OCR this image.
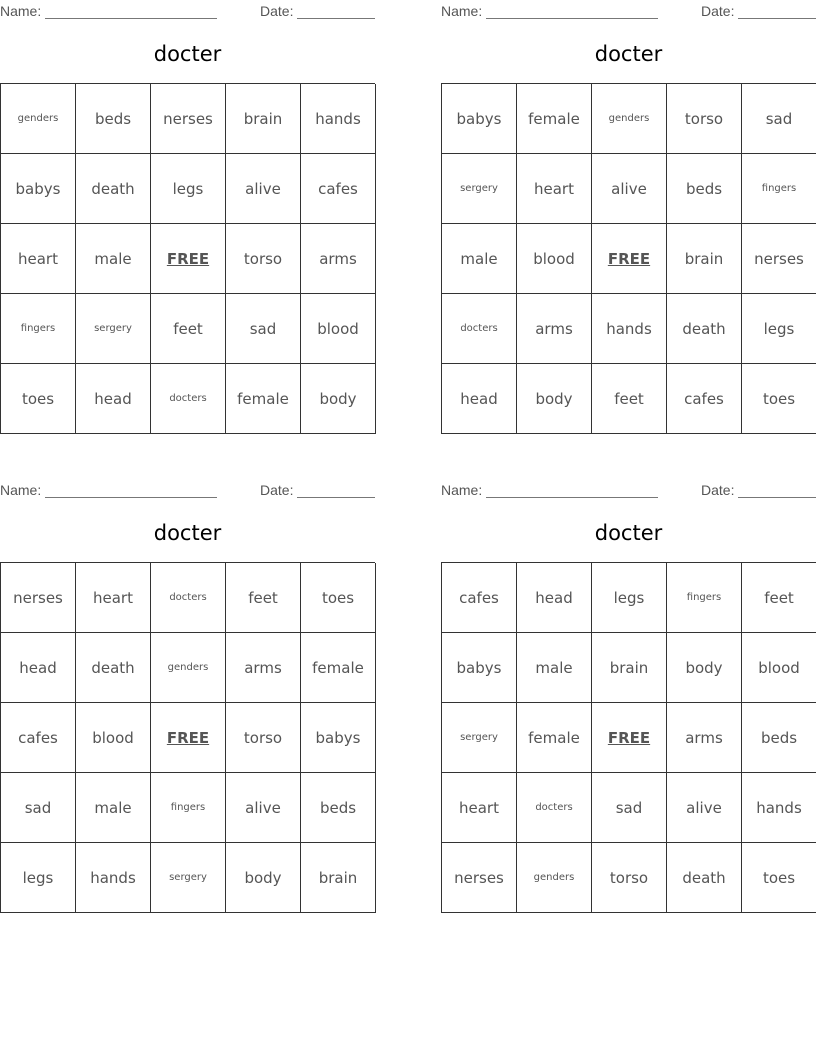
Name:	Date:
docter
genders	beds	nerses	brain	hands
babys	death	legs	alive	cafes
heart	male	FREE	torso	arms
fingers	sergery	feet	sad	blood
toes	head	docters	female	body
Name:	Date:
docter
babys	female	genders	torso	sad
sergery	heart	alive	beds	fingers
male	blood	FREE	brain	nerses
docters	arms	hands	death	legs
head	body	feet	cafes	toes
Name:	Date:
docter
nerses	heart	docters	feet	toes
head	death	genders	arms	female
cafes	blood	FREE	torso	babys
sad	male	fingers	alive	beds
legs	hands	sergery	body	brain
Name:	Date:
docter
cafes	head	legs	fingers	feet
babys	male	brain	body	blood
sergery	female	FREE	arms	beds
heart	docters	sad	alive	hands
nerses	genders	torso	death	toes
